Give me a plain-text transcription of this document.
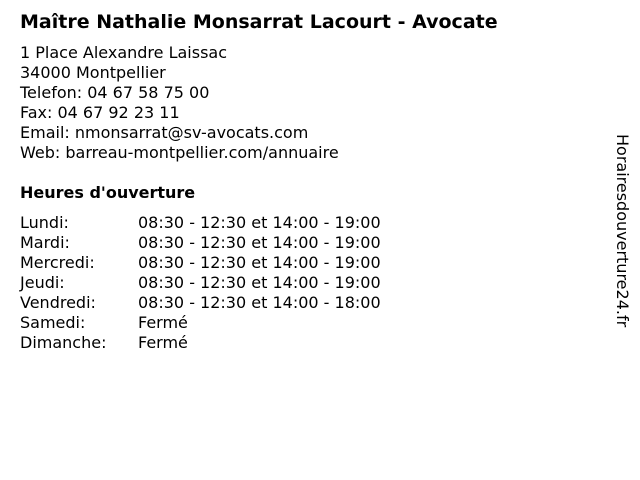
Maître Nathalie Monsarrat Lacourt - Avocate
1 Place Alexandre Laissac
34000 Montpellier
Telefon: 04 67 58 75 00
Fax: 04 67 92 23 11
Email: nmonsarrat@sv-avocats.com
Web: barreau-montpellier.com/annuaire
Heures d'ouverture
Lundi:	08:30 - 12:30 et 14:00 - 19:00
Mardi:	08:30 - 12:30 et 14:00 - 19:00
Mercredi:	08:30 - 12:30 et 14:00 - 19:00
Jeudi:	08:30 - 12:30 et 14:00 - 19:00
Vendredi:	08:30 - 12:30 et 14:00 - 18:00
Samedi:	Fermé
Dimanche:	Fermé
Horairesdouverture24.fr
